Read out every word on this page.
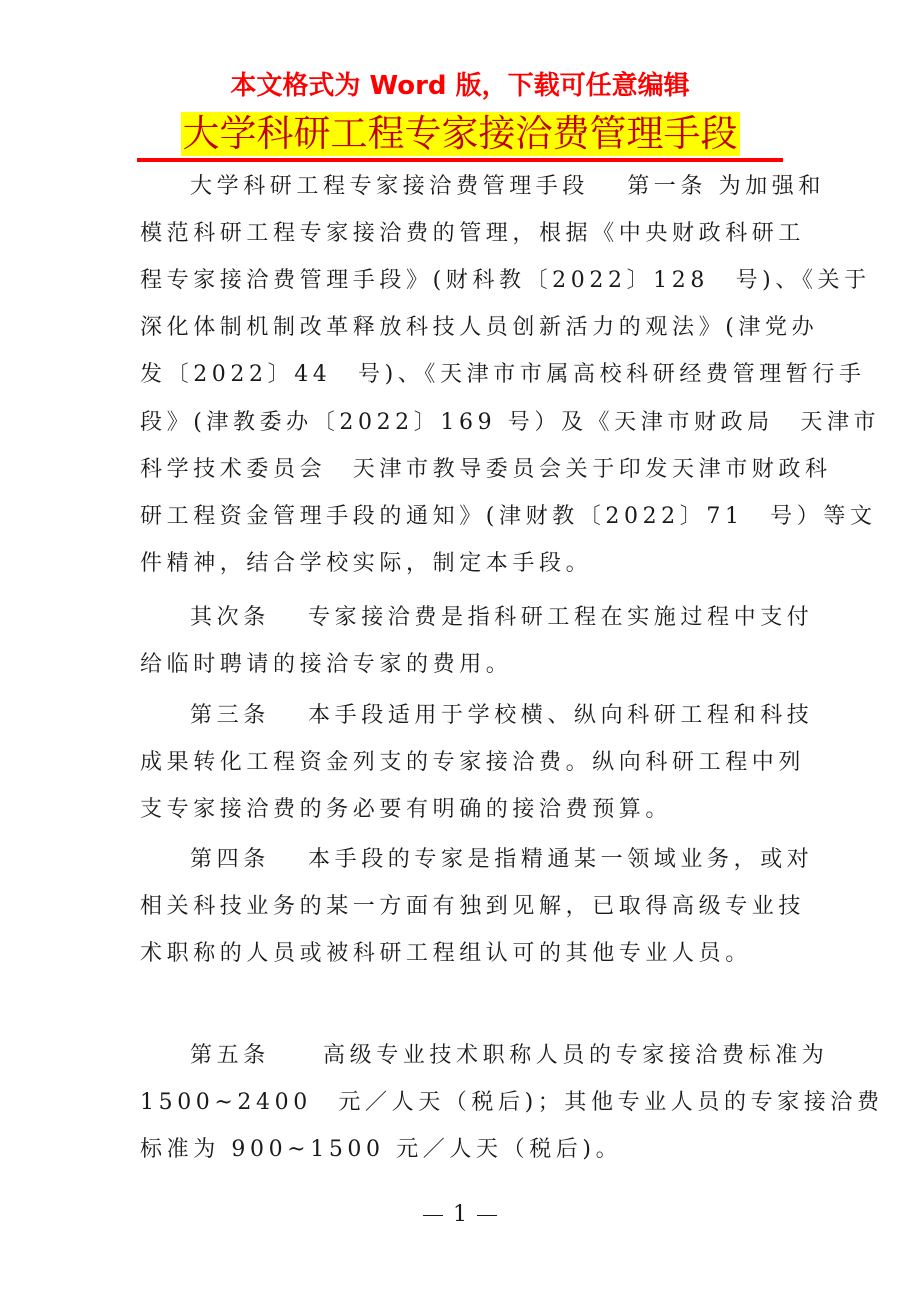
本文格式为 Word 版，下载可任意编辑
大学科研工程专家接洽费管理手段
大学科研工程专家接洽费管理手段　 第一条 为加强和
模范科研工程专家接洽费的管理，根据《中央财政科研工
程专家接洽费管理手段》(财科教〔2022〕128　号)、《关于
深化体制机制改革释放科技人员创新活力的观法》(津党办
发〔2022〕44　号)、《天津市市属高校科研经费管理暂行手
段》(津教委办〔2022〕169 号）及《天津市财政局　天津市
科学技术委员会　天津市教导委员会关于印发天津市财政科
研工程资金管理手段的通知》(津财教〔2022〕71　号）等文
件精神，结合学校实际，制定本手段。
其次条　 专家接洽费是指科研工程在实施过程中支付
给临时聘请的接洽专家的费用。
第三条　 本手段适用于学校横、纵向科研工程和科技
成果转化工程资金列支的专家接洽费。纵向科研工程中列
支专家接洽费的务必要有明确的接洽费预算。
第四条　 本手段的专家是指精通某一领域业务，或对
相关科技业务的某一方面有独到见解，已取得高级专业技
术职称的人员或被科研工程组认可的其他专业人员。
第五条　　高级专业技术职称人员的专家接洽费标准为
1500~2400　元／人天（税后)；其他专业人员的专家接洽费
标准为 900~1500 元／人天（税后)。
1
